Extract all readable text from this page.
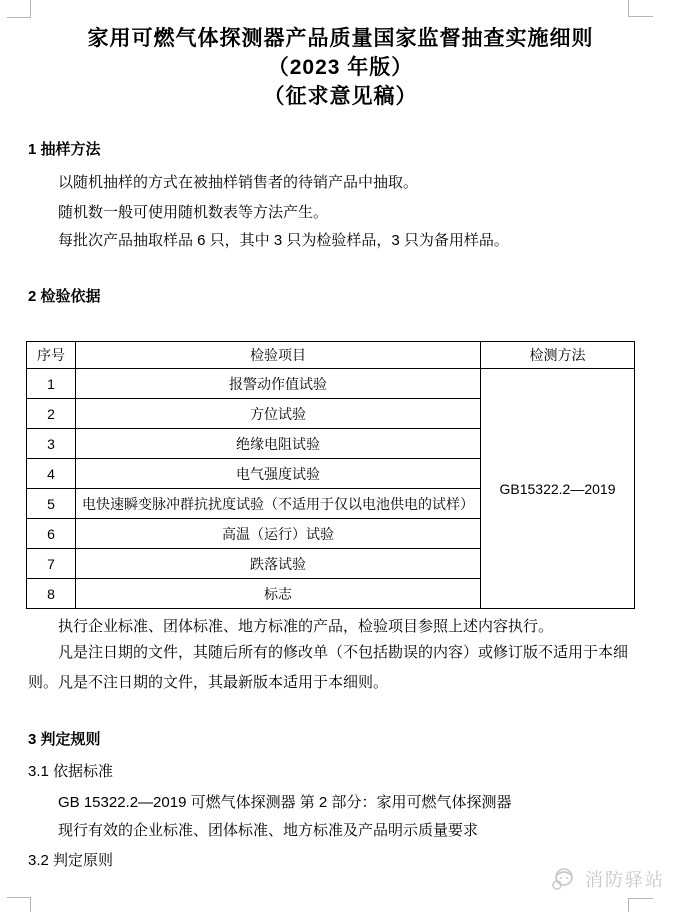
家用可燃气体探测器产品质量国家监督抽查实施细则
（2023 年版）
（征求意见稿）
1 抽样方法
以随机抽样的方式在被抽样销售者的待销产品中抽取。
随机数一般可使用随机数表等方法产生。
每批次产品抽取样品 6 只，其中 3 只为检验样品，3 只为备用样品。
2 检验依据
序号	检验项目	检测方法
1	报警动作值试验	GB15322.2—2019
2	方位试验	
3	绝缘电阻试验	
4	电气强度试验	
5	电快速瞬变脉冲群抗扰度试验（不适用于仅以电池供电的试样）	
6	高温（运行）试验	
7	跌落试验	
8	标志	
执行企业标准、团体标准、地方标准的产品，检验项目参照上述内容执行。
凡是注日期的文件，其随后所有的修改单（不包括勘误的内容）或修订版不适用于本细则。凡是不注日期的文件，其最新版本适用于本细则。
3 判定规则
3.1 依据标准
GB 15322.2—2019 可燃气体探测器 第 2 部分：家用可燃气体探测器
现行有效的企业标准、团体标准、地方标准及产品明示质量要求
3.2 判定原则
消防驿站
